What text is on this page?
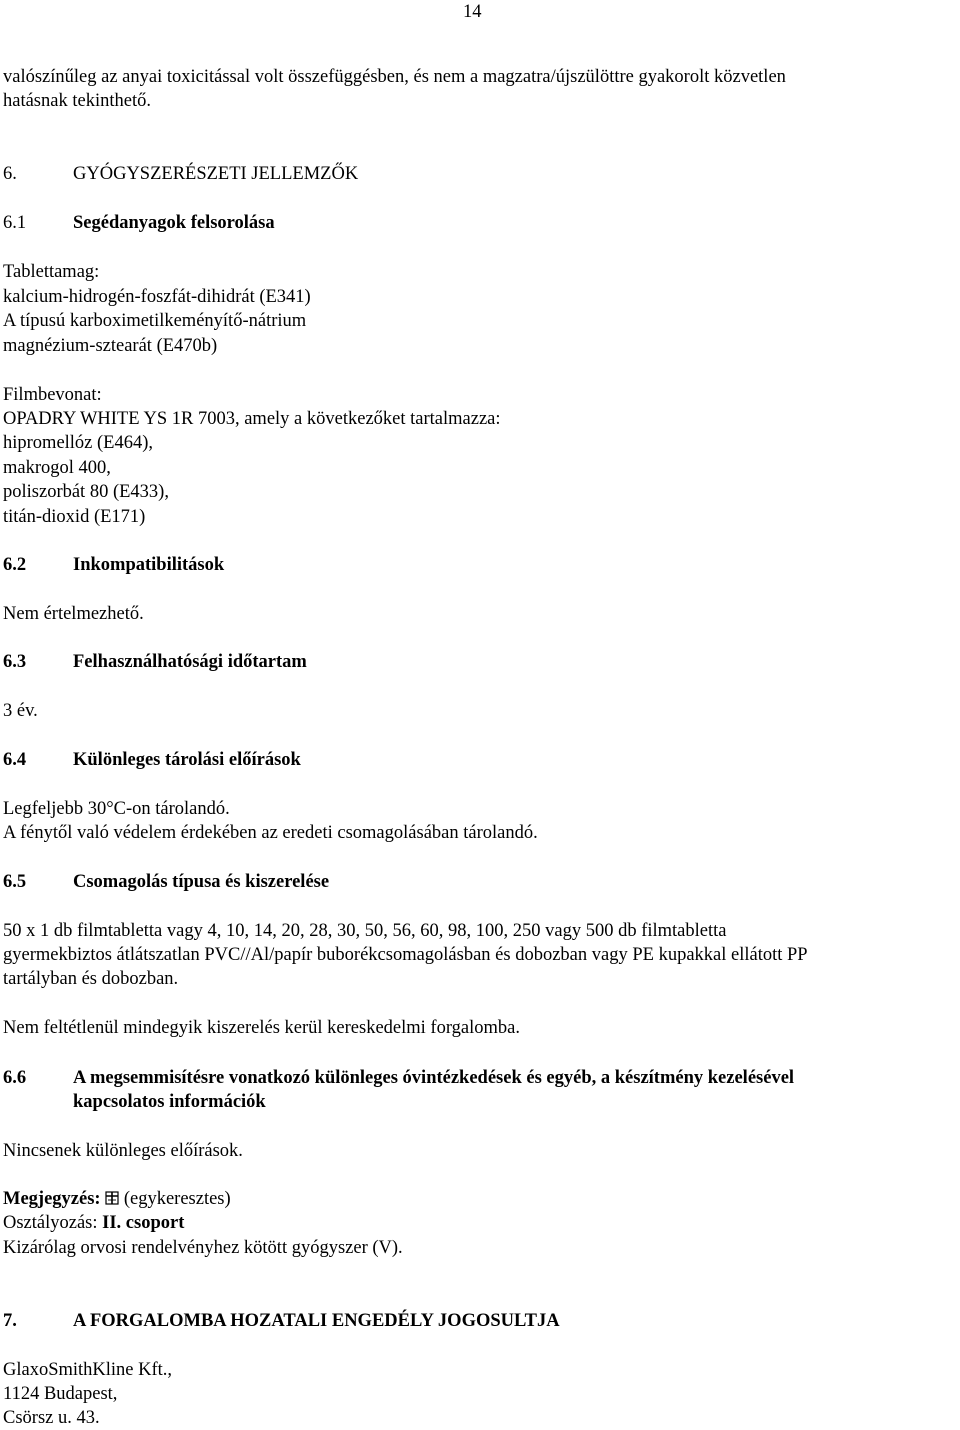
14
valószínűleg az anyai toxicitással volt összefüggésben, és nem a magzatra/újszülöttre gyakorolt közvetlen
hatásnak tekinthető.
6.	GYÓGYSZERÉSZETI JELLEMZŐK
6.1	Segédanyagok felsorolása
Tablettamag:
kalcium-hidrogén-foszfát-dihidrát (E341)
A típusú karboximetilkeményítő-nátrium
magnézium-sztearát (E470b)
Filmbevonat:
OPADRY WHITE YS 1R 7003, amely a következőket tartalmazza:
hipromellóz (E464),
makrogol 400,
poliszorbát 80 (E433),
titán-dioxid (E171)
6.2	Inkompatibilitások
Nem értelmezhető.
6.3	Felhasználhatósági időtartam
3 év.
6.4	Különleges tárolási előírások
Legfeljebb 30°C-on tárolandó.
A fénytől való védelem érdekében az eredeti csomagolásában tárolandó.
6.5	Csomagolás típusa és kiszerelése
50 x 1 db filmtabletta vagy 4, 10, 14, 20, 28, 30, 50, 56, 60, 98, 100, 250 vagy 500 db filmtabletta
gyermekbiztos átlátszatlan PVC//Al/papír buborékcsomagolásban és dobozban vagy PE kupakkal ellátott PP
tartályban és dobozban.
Nem feltétlenül mindegyik kiszerelés kerül kereskedelmi forgalomba.
6.6	A megsemmisítésre vonatkozó különleges óvintézkedések és egyéb, a készítmény kezelésével
kapcsolatos információk
Nincsenek különleges előírások.
Megjegyzés: (egykeresztes)
Osztályozás: II. csoport
Kizárólag orvosi rendelvényhez kötött gyógyszer (V).
7.	A FORGALOMBA HOZATALI ENGEDÉLY JOGOSULTJA
GlaxoSmithKline Kft.,
1124 Budapest,
Csörsz u. 43.
